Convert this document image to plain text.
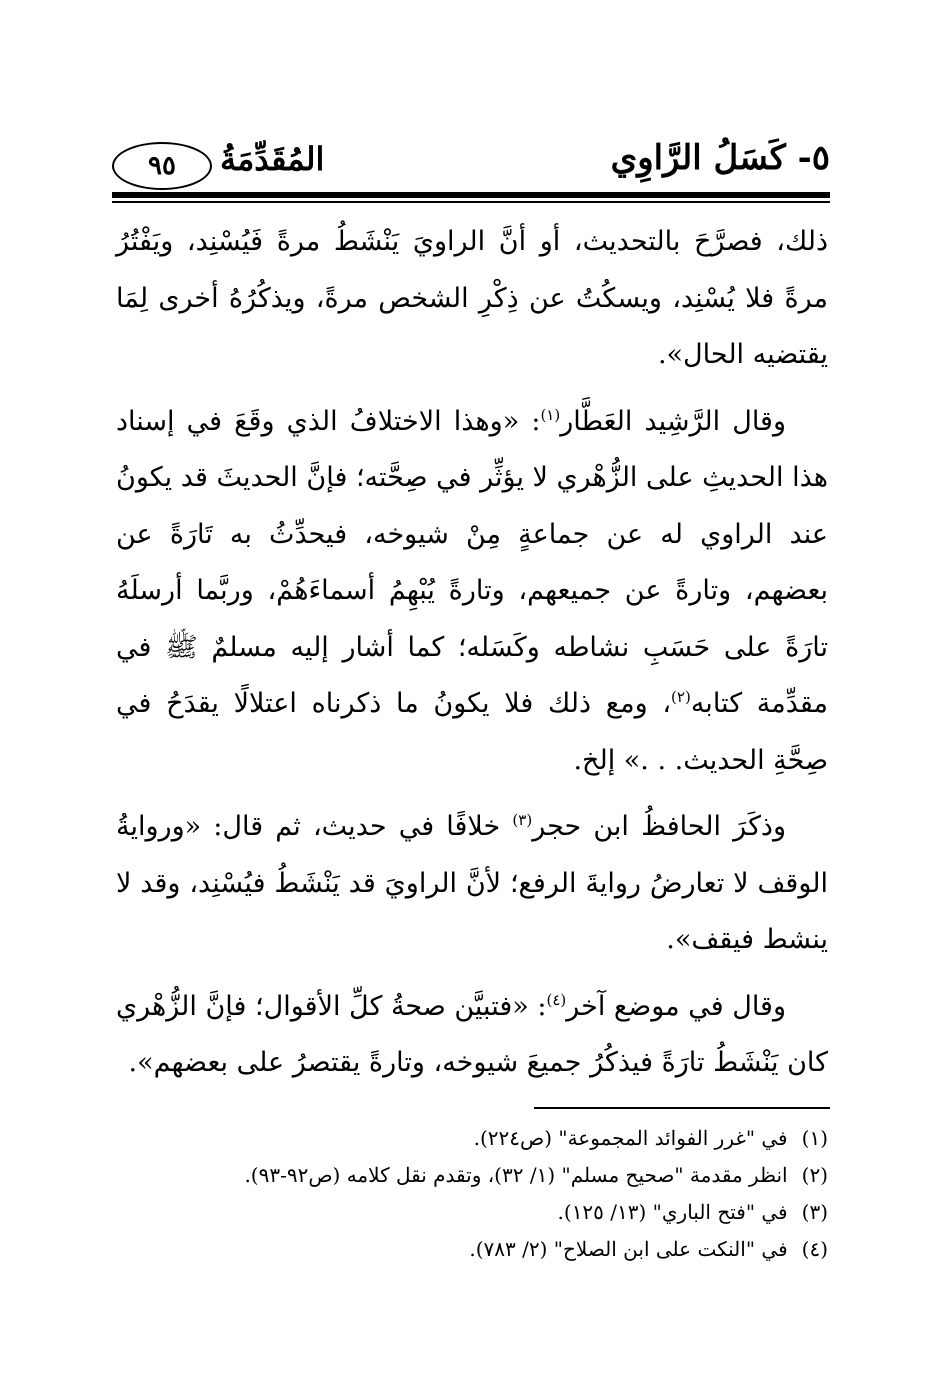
٥- كَسَلُ الرَّاوِي
المُقَدِّمَةُ
٩٥

ذلك، فصرَّحَ بالتحديث، أو أنَّ الراويَ يَنْشَطُ مرةً فَيُسْنِد، ويَفْتُرُ مرةً فلا يُسْنِد، ويسكُتُ عن ذِكْرِ الشخص مرةً، ويذكُرُهُ أخرى لِمَا يقتضيه الحال».

وقال الرَّشِيد العَطَّار$^{(١)}$: «وهذا الاختلافُ الذي وقَعَ في إسناد هذا الحديثِ على الزُّهْري لا يؤثِّر في صِحَّته؛ فإنَّ الحديثَ قد يكونُ عند الراوي له عن جماعةٍ مِنْ شيوخه، فيحدِّثُ به تَارَةً عن بعضهم، وتارةً عن جميعهم، وتارةً يُبْهِمُ أسماءَهُمْ، وربَّما أرسلَهُ تارَةً على حَسَبِ نشاطه وكَسَله؛ كما أشار إليه مسلمٌ ﷺ في مقدِّمة كتابه$^{(٢)}$، ومع ذلك فلا يكونُ ما ذكرناه اعتلالًا يقدَحُ في صِحَّةِ الحديث. . .» إلخ.

وذكَرَ الحافظُ ابن حجر$^{(٣)}$ خلافًا في حديث، ثم قال: «وروايةُ الوقف لا تعارضُ روايةَ الرفع؛ لأنَّ الراويَ قد يَنْشَطُ فيُسْنِد، وقد لا ينشط فيقف».

وقال في موضع آخر$^{(٤)}$: «فتبيَّن صحةُ كلِّ الأقوال؛ فإنَّ الزُّهْري كان يَنْشَطُ تارَةً فيذكُرُ جميعَ شيوخه، وتارةً يقتصرُ على بعضهم».

(١)في "غرر الفوائد المجموعة" (ص٢٢٤).

(٢)انظر مقدمة "صحيح مسلم" (١/ ٣٢)، وتقدم نقل كلامه (ص٩٢-٩٣).

(٣)في "فتح الباري" (١٣/ ١٢٥).

(٤)في "النكت على ابن الصلاح" (٢/ ٧٨٣).
